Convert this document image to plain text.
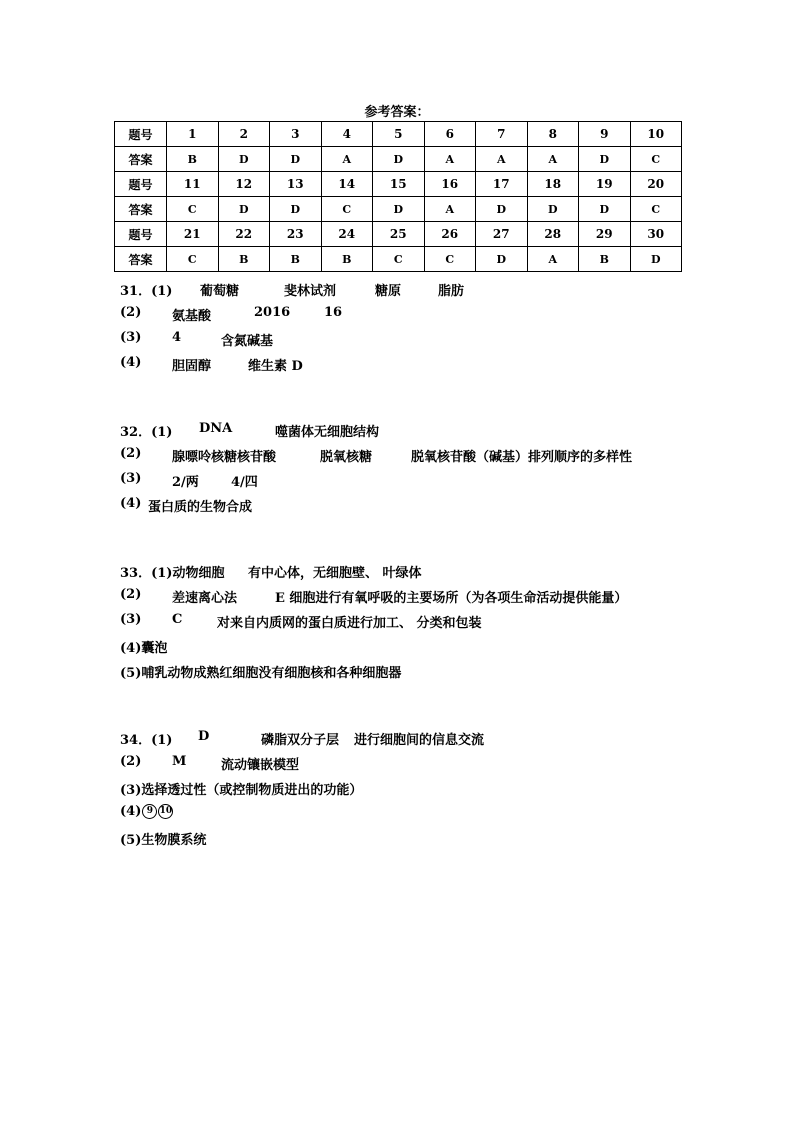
参考答案：
题号	1	2	3	4	5	6	7	8	9	10
答案	B	D	D	A	D	A	A	A	D	C
题号	11	12	13	14	15	16	17	18	19	20
答案	C	D	D	C	D	A	D	D	D	C
题号	21	22	23	24	25	26	27	28	29	30
答案	C	B	B	B	C	C	D	A	B	D
31．(1) 葡萄糖	斐林试剂	糖原	脂肪
(2) 氨基酸	2016	16
(3) 4	含氮碱基
(4) 胆固醇	维生素 D
32．(1) DNA	噬菌体无细胞结构
(2) 腺嘌呤核糖核苷酸	脱氧核糖	脱氧核苷酸（碱基）排列顺序的多样性
(3) 2/两 4/四
(4) 蛋白质的生物合成
33．(1)动物细胞 有中心体，无细胞壁、 叶绿体
(2) 差速离心法	E 细胞进行有氧呼吸的主要场所（为各项生命活动提供能量）
(3) C	对来自内质网的蛋白质进行加工、 分类和包装
(4)囊泡
(5)哺乳动物成熟红细胞没有细胞核和各种细胞器
34．(1) D	磷脂双分子层 进行细胞间的信息交流
(2) M	流动镶嵌模型
(3)选择透过性（或控制物质进出的功能）
(4) 9 10
(5)生物膜系统
